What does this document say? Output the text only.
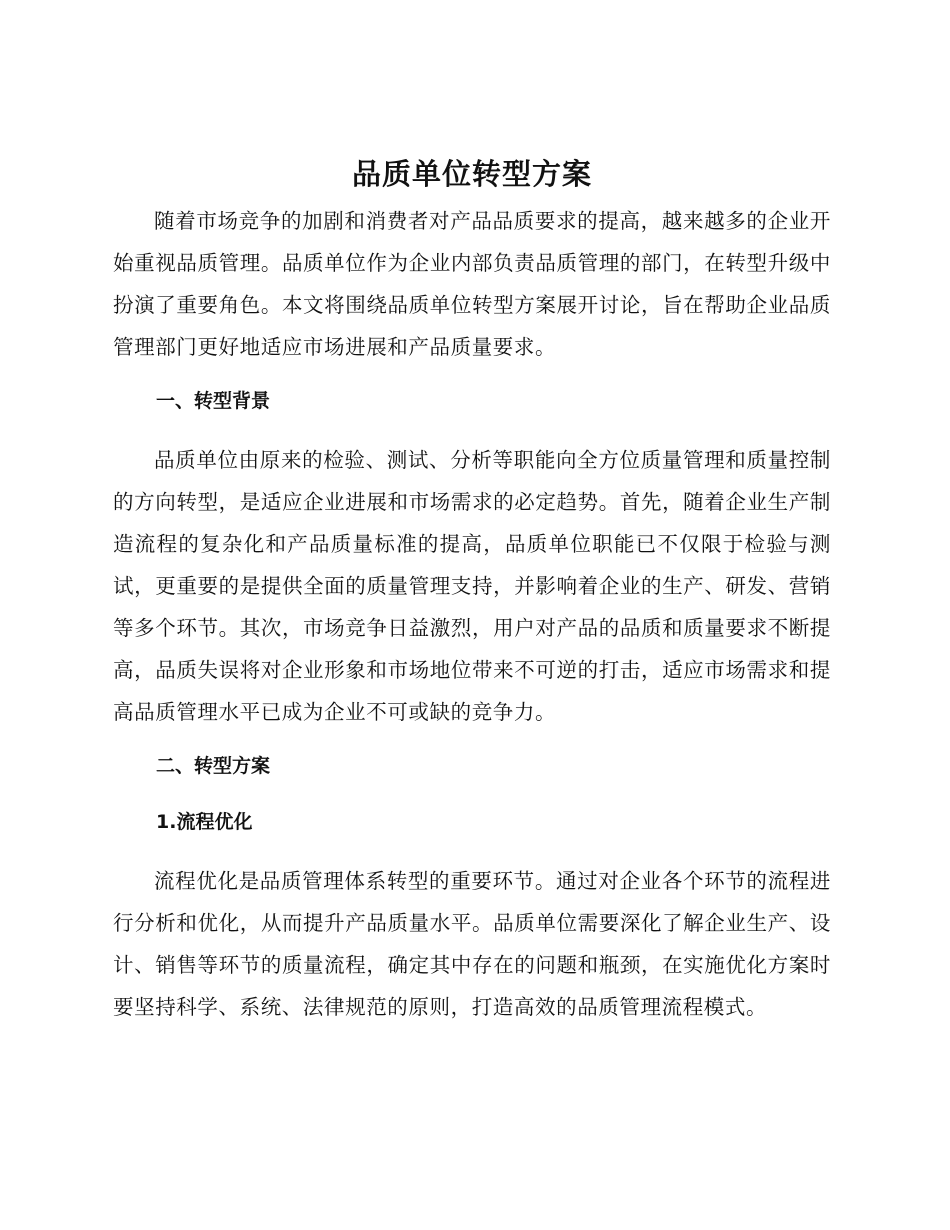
品质单位转型方案

随着市场竞争的加剧和消费者对产品品质要求的提高，越来越多的企业开始重视品质管理。品质单位作为企业内部负责品质管理的部门，在转型升级中扮演了重要角色。本文将围绕品质单位转型方案展开讨论，旨在帮助企业品质管理部门更好地适应市场进展和产品质量要求。

一、转型背景

品质单位由原来的检验、测试、分析等职能向全方位质量管理和质量控制的方向转型，是适应企业进展和市场需求的必定趋势。首先，随着企业生产制造流程的复杂化和产品质量标准的提高，品质单位职能已不仅限于检验与测试，更重要的是提供全面的质量管理支持，并影响着企业的生产、研发、营销等多个环节。其次，市场竞争日益激烈，用户对产品的品质和质量要求不断提高，品质失误将对企业形象和市场地位带来不可逆的打击，适应市场需求和提高品质管理水平已成为企业不可或缺的竞争力。

二、转型方案
1.流程优化

流程优化是品质管理体系转型的重要环节。通过对企业各个环节的流程进行分析和优化，从而提升产品质量水平。品质单位需要深化了解企业生产、设计、销售等环节的质量流程，确定其中存在的问题和瓶颈，在实施优化方案时要坚持科学、系统、法律规范的原则，打造高效的品质管理流程模式。
